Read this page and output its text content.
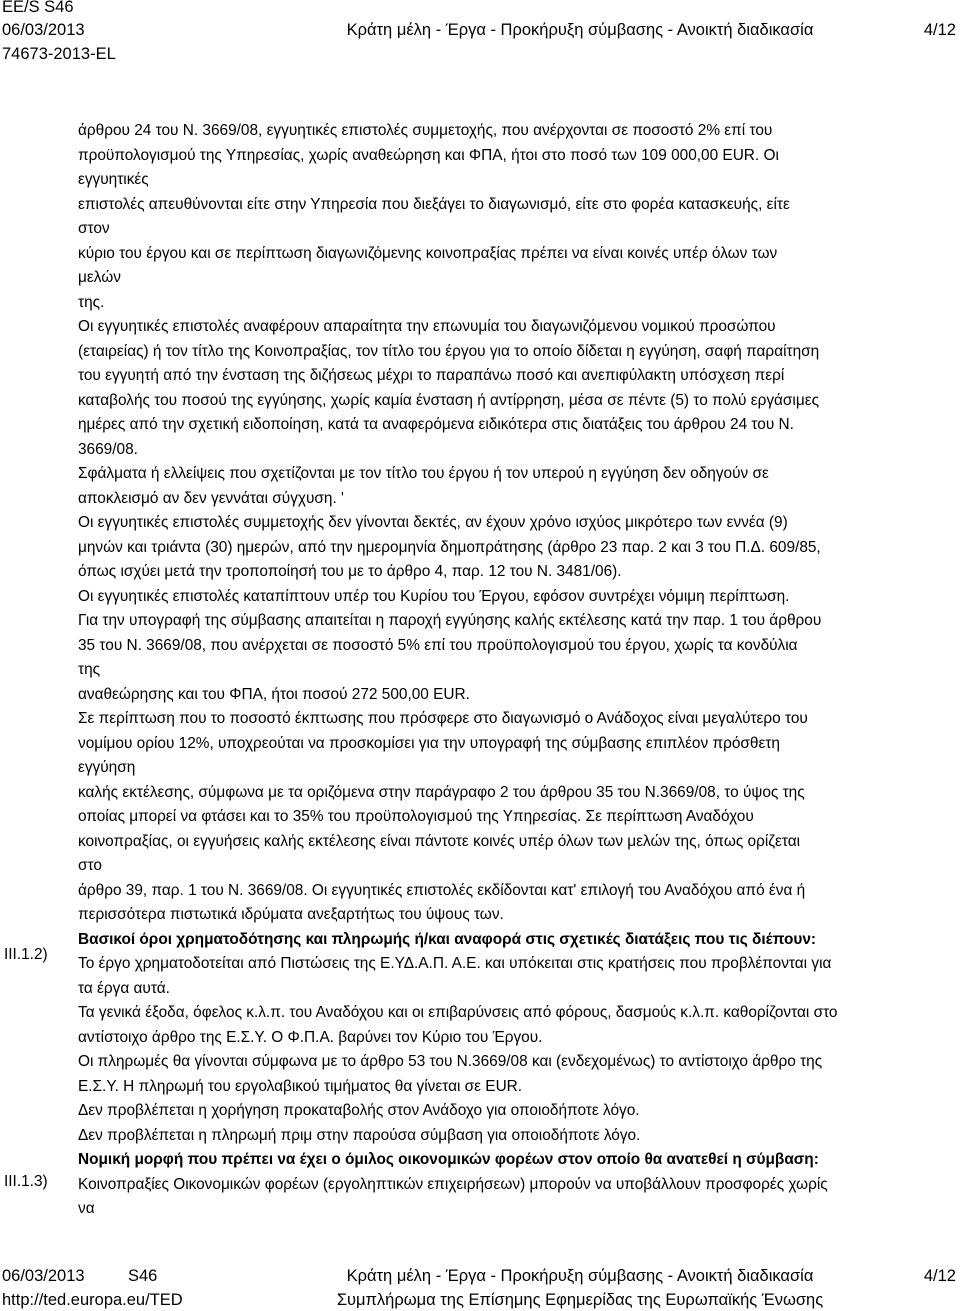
EE/S S46
06/03/2013
74673-2013-EL
Κράτη μέλη - Έργα - Προκήρυξη σύμβασης - Ανοικτή διαδικασία	4/12
III.1.2)
III.1.3)

άρθρου 24 του Ν. 3669/08, εγγυητικές επιστολές συμμετοχής, που ανέρχονται σε ποσοστό 2% επί του
προϋπολογισμού της Υπηρεσίας, χωρίς αναθεώρηση και ΦΠΑ, ήτοι στο ποσό των 109 000,00 EUR. Οι
εγγυητικές
επιστολές απευθύνονται είτε στην Υπηρεσία που διεξάγει το διαγωνισμό, είτε στο φορέα κατασκευής, είτε
στον
κύριο του έργου και σε περίπτωση διαγωνιζόμενης κοινοπραξίας πρέπει να είναι κοινές υπέρ όλων των
μελών
της.

Οι εγγυητικές επιστολές αναφέρουν απαραίτητα την επωνυμία του διαγωνιζόμενου νομικού προσώπου
(εταιρείας) ή τον τίτλο της Κοινοπραξίας, τον τίτλο του έργου για το οποίο δίδεται η εγγύηση, σαφή παραίτηση
του εγγυητή από την ένσταση της διζήσεως μέχρι το παραπάνω ποσό και ανεπιφύλακτη υπόσχεση περί
καταβολής του ποσού της εγγύησης, χωρίς καμία ένσταση ή αντίρρηση, μέσα σε πέντε (5) το πολύ εργάσιμες
ημέρες από την σχετική ειδοποίηση, κατά τα αναφερόμενα ειδικότερα στις διατάξεις του άρθρου 24 του Ν.
3669/08.

Σφάλματα ή ελλείψεις που σχετίζονται με τον τίτλο του έργου ή τον υπερού η εγγύηση δεν οδηγούν σε
αποκλεισμό αν δεν γεννάται σύγχυση. '

Οι εγγυητικές επιστολές συμμετοχής δεν γίνονται δεκτές, αν έχουν χρόνο ισχύος μικρότερο των εννέα (9)
μηνών και τριάντα (30) ημερών, από την ημερομηνία δημοπράτησης (άρθρο 23 παρ. 2 και 3 του Π.Δ. 609/85,
όπως ισχύει μετά την τροποποίησή του με το άρθρο 4, παρ. 12 του Ν. 3481/06).

Οι εγγυητικές επιστολές καταπίπτουν υπέρ του Κυρίου του Έργου, εφόσον συντρέχει νόμιμη περίπτωση.

Για την υπογραφή της σύμβασης απαιτείται η παροχή εγγύησης καλής εκτέλεσης κατά την παρ. 1 του άρθρου
35 του Ν. 3669/08, που ανέρχεται σε ποσοστό 5% επί του προϋπολογισμού του έργου, χωρίς τα κονδύλια
της
αναθεώρησης και του ΦΠΑ, ήτοι ποσού 272 500,00 EUR.

Σε περίπτωση που το ποσοστό έκπτωσης που πρόσφερε στο διαγωνισμό ο Ανάδοχος είναι μεγαλύτερο του
νομίμου ορίου 12%, υποχρεούται να προσκομίσει για την υπογραφή της σύμβασης επιπλέον πρόσθετη
εγγύηση
καλής εκτέλεσης, σύμφωνα με τα οριζόμενα στην παράγραφο 2 του άρθρου 35 του Ν.3669/08, το ύψος της
οποίας μπορεί να φτάσει και το 35% του προϋπολογισμού της Υπηρεσίας. Σε περίπτωση Αναδόχου
κοινοπραξίας, οι εγγυήσεις καλής εκτέλεσης είναι πάντοτε κοινές υπέρ όλων των μελών της, όπως ορίζεται
στο
άρθρο 39, παρ. 1 του Ν. 3669/08. Οι εγγυητικές επιστολές εκδίδονται κατ' επιλογή του Αναδόχου από ένα ή
περισσότερα πιστωτικά ιδρύματα ανεξαρτήτως του ύψους των.

Βασικοί όροι χρηματοδότησης και πληρωμής ή/και αναφορά στις σχετικές διατάξεις που τις διέπουν:

Το έργο χρηματοδοτείται από Πιστώσεις της Ε.ΥΔ.Α.Π. Α.Ε. και υπόκειται στις κρατήσεις που προβλέπονται για
τα έργα αυτά.

Τα γενικά έξοδα, όφελος κ.λ.π. του Αναδόχου και οι επιβαρύνσεις από φόρους, δασμούς κ.λ.π. καθορίζονται στο
αντίστοιχο άρθρο της Ε.Σ.Υ. Ο Φ.Π.Α. βαρύνει τον Κύριο του Έργου.

Οι πληρωμές θα γίνονται σύμφωνα με το άρθρο 53 του Ν.3669/08 και (ενδεχομένως) το αντίστοιχο άρθρο της
Ε.Σ.Υ. Η πληρωμή του εργολαβικού τιμήματος θα γίνεται σε EUR.

Δεν προβλέπεται η χορήγηση προκαταβολής στον Ανάδοχο για οποιοδήποτε λόγο.

Δεν προβλέπεται η πληρωμή πριμ στην παρούσα σύμβαση για οποιοδήποτε λόγο.

Νομική μορφή που πρέπει να έχει ο όμιλος οικονομικών φορέων στον οποίο θα ανατεθεί η σύμβαση:

Κοινοπραξίες Οικονομικών φορέων (εργοληπτικών επιχειρήσεων) μπορούν να υποβάλλουν προσφορές χωρίς
να

06/03/2013	S46
http://ted.europa.eu/TED
Κράτη μέλη - Έργα - Προκήρυξη σύμβασης - Ανοικτή διαδικασία
Συμπλήρωμα της Επίσημης Εφημερίδας της Ευρωπαϊκής Ένωσης
4/12
